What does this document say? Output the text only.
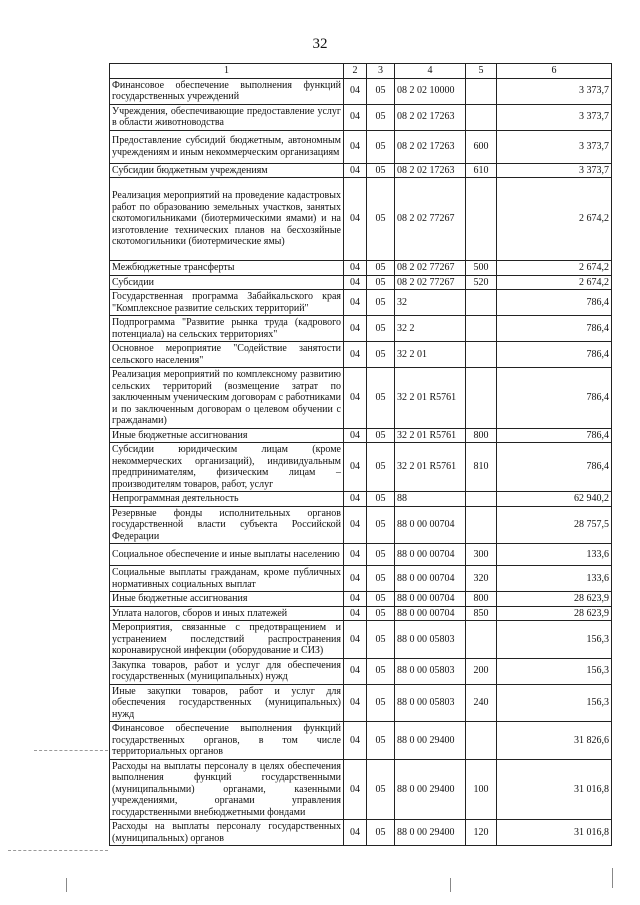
32
1	2	3	4	5	6
Финансовое обеспечение выполнения функций государственных учреждений	04	05	08 2 02 10000		3 373,7
Учреждения, обеспечивающие предоставление услуг в области животноводства	04	05	08 2 02 17263		3 373,7
Предоставление субсидий бюджетным, автономным учреждениям и иным некоммерческим организациям	04	05	08 2 02 17263	600	3 373,7
Субсидии бюджетным учреждениям	04	05	08 2 02 17263	610	3 373,7
Реализация мероприятий на проведение кадастровых работ по образованию земельных участков, занятых скотомогильниками (биотермическими ямами) и на изготовление технических планов на бесхозяйные скотомогильники (биотермические ямы)	04	05	08 2 02 77267		2 674,2
Межбюджетные трансферты	04	05	08 2 02 77267	500	2 674,2
Субсидии	04	05	08 2 02 77267	520	2 674,2
Государственная программа Забайкальского края "Комплексное развитие сельских территорий"	04	05	32		786,4
Подпрограмма "Развитие рынка труда (кадрового потенциала) на сельских территориях"	04	05	32 2		786,4
Основное мероприятие "Содействие занятости сельского населения"	04	05	32 2 01		786,4
Реализация мероприятий по комплексному развитию сельских территорий (возмещение затрат по заключенным ученическим договорам с работниками и по заключенным договорам о целевом обучении с гражданами)	04	05	32 2 01 R5761		786,4
Иные бюджетные ассигнования	04	05	32 2 01 R5761	800	786,4
Субсидии юридическим лицам (кроме некоммерческих организаций), индивидуальным предпринимателям, физическим лицам – производителям товаров, работ, услуг	04	05	32 2 01 R5761	810	786,4
Непрограммная деятельность	04	05	88		62 940,2
Резервные фонды исполнительных органов государственной власти субъекта Российской Федерации	04	05	88 0 00 00704		28 757,5
Социальное обеспечение и иные выплаты населению	04	05	88 0 00 00704	300	133,6
Социальные выплаты гражданам, кроме публичных нормативных социальных выплат	04	05	88 0 00 00704	320	133,6
Иные бюджетные ассигнования	04	05	88 0 00 00704	800	28 623,9
Уплата налогов, сборов и иных платежей	04	05	88 0 00 00704	850	28 623,9
Мероприятия, связанные с предотвращением и устранением последствий распространения коронавирусной инфекции (оборудование и СИЗ)	04	05	88 0 00 05803		156,3
Закупка товаров, работ и услуг для обеспечения государственных (муниципальных) нужд	04	05	88 0 00 05803	200	156,3
Иные закупки товаров, работ и услуг для обеспечения государственных (муниципальных) нужд	04	05	88 0 00 05803	240	156,3
Финансовое обеспечение выполнения функций государственных органов, в том числе территориальных органов	04	05	88 0 00 29400		31 826,6
Расходы на выплаты персоналу в целях обеспечения выполнения функций государственными (муниципальными) органами, казенными учреждениями, органами управления государственными внебюджетными фондами	04	05	88 0 00 29400	100	31 016,8
Расходы на выплаты персоналу государственных (муниципальных) органов	04	05	88 0 00 29400	120	31 016,8
